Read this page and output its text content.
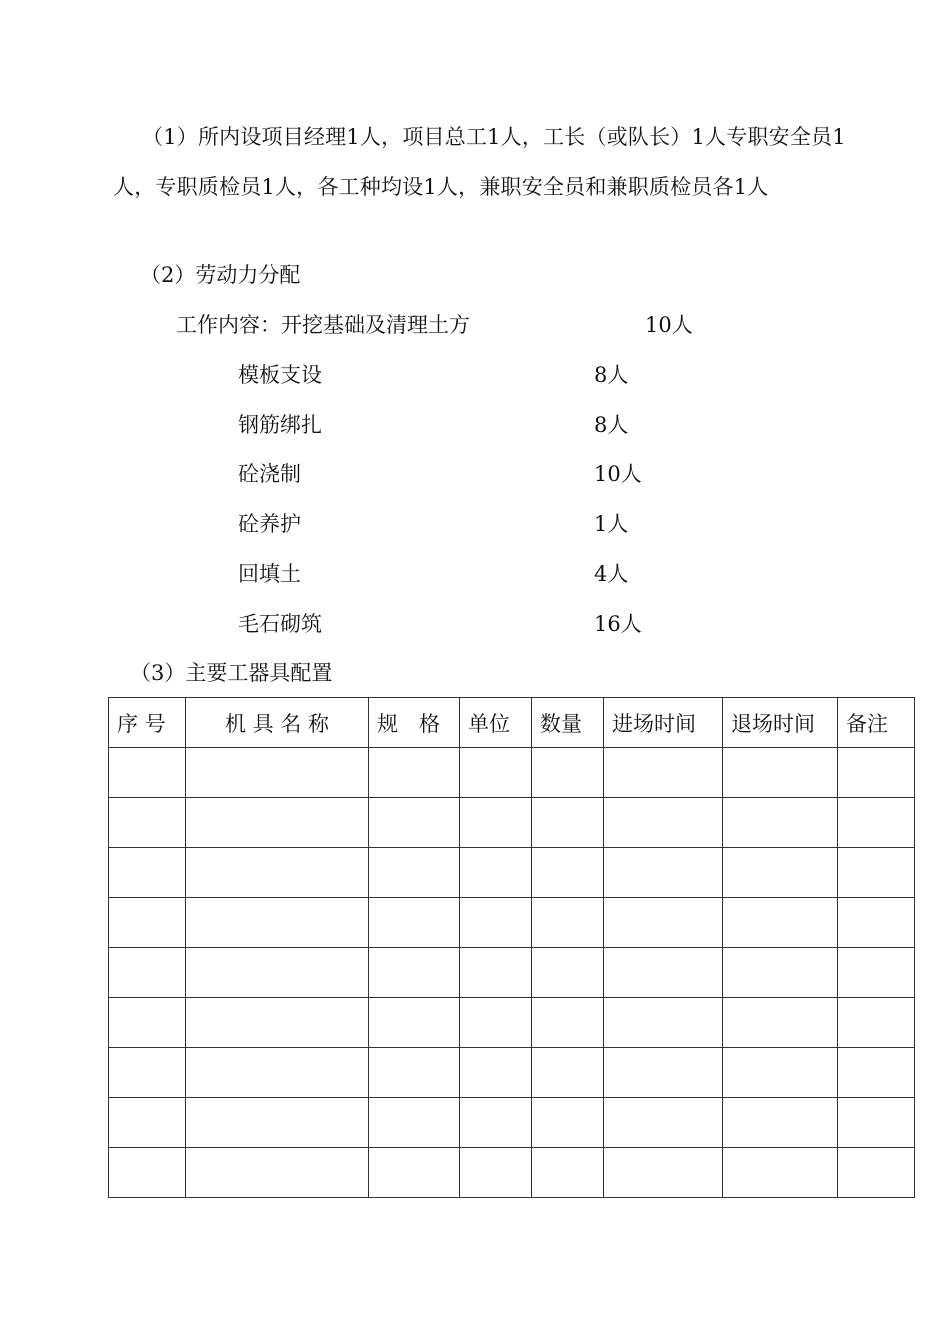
（1）所内设项目经理1人，项目总工1人，工长（或队长）1人专职安全员1人，专职质检员1人，各工种均设1人，兼职安全员和兼职质检员各1人
（2）劳动力分配
工作内容：开挖基础及清理土方	10人
模板支设	8人
钢筋绑扎	8人
砼浇制	10人
砼养护	1人
回填土	4人
毛石砌筑	16人
（3）主要工器具配置
序 号	机 具 名 称	规　格	单位	数量	进场时间	退场时间	备注
